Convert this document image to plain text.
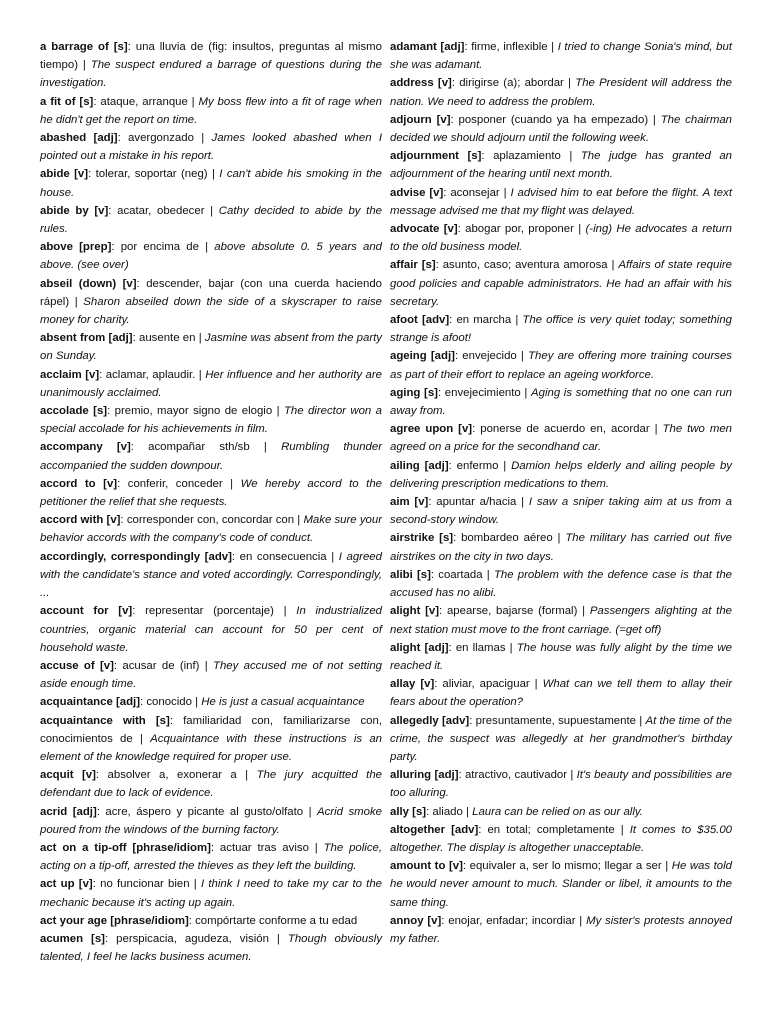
a barrage of [s]: una lluvia de (fig: insultos, preguntas al mismo tiempo) | The suspect endured a barrage of questions during the investigation.

a fit of [s]: ataque, arranque | My boss flew into a fit of rage when he didn't get the report on time.

abashed [adj]: avergonzado | James looked abashed when I pointed out a mistake in his report.

abide [v]: tolerar, soportar (neg) | I can't abide his smoking in the house.

abide by [v]: acatar, obedecer | Cathy decided to abide by the rules.

above [prep]: por encima de | above absolute 0. 5 years and above. (see over)

abseil (down) [v]: descender, bajar (con una cuerda haciendo rápel) | Sharon abseiled down the side of a skyscraper to raise money for charity.

absent from [adj]: ausente en | Jasmine was absent from the party on Sunday.

acclaim [v]: aclamar, aplaudir. | Her influence and her authority are unanimously acclaimed.

accolade [s]: premio, mayor signo de elogio | The director won a special accolade for his achievements in film.

accompany [v]: acompañar sth/sb | Rumbling thunder accompanied the sudden downpour.

accord to [v]: conferir, conceder | We hereby accord to the petitioner the relief that she requests.

accord with [v]: corresponder con, concordar con | Make sure your behavior accords with the company's code of conduct.

accordingly, correspondingly [adv]: en consecuencia | I agreed with the candidate's stance and voted accordingly. Correspondingly, ...

account for [v]: representar (porcentaje) | In industrialized countries, organic material can account for 50 per cent of household waste.

accuse of [v]: acusar de (inf) | They accused me of not setting aside enough time.

acquaintance [adj]: conocido | He is just a casual acquaintance

acquaintance with [s]: familiaridad con, familiarizarse con, conocimientos de | Acquaintance with these instructions is an element of the knowledge required for proper use.

acquit [v]: absolver a, exonerar a | The jury acquitted the defendant due to lack of evidence.

acrid [adj]: acre, áspero y picante al gusto/olfato | Acrid smoke poured from the windows of the burning factory.

act on a tip-off [phrase/idiom]: actuar tras aviso | The police, acting on a tip-off, arrested the thieves as they left the building.

act up [v]: no funcionar bien | I think I need to take my car to the mechanic because it's acting up again.

act your age [phrase/idiom]: compórtarte conforme a tu edad

acumen [s]: perspicacia, agudeza, visión | Though obviously talented, I feel he lacks business acumen.

adamant [adj]: firme, inflexible | I tried to change Sonia's mind, but she was adamant.

address [v]: dirigirse (a); abordar | The President will address the nation. We need to address the problem.

adjourn [v]: posponer (cuando ya ha empezado) | The chairman decided we should adjourn until the following week.

adjournment [s]: aplazamiento | The judge has granted an adjournment of the hearing until next month.

advise [v]: aconsejar | I advised him to eat before the flight. A text message advised me that my flight was delayed.

advocate [v]: abogar por, proponer | (-ing) He advocates a return to the old business model.

affair [s]: asunto, caso; aventura amorosa | Affairs of state require good policies and capable administrators. He had an affair with his secretary.

afoot [adv]: en marcha | The office is very quiet today; something strange is afoot!

ageing [adj]: envejecido | They are offering more training courses as part of their effort to replace an ageing workforce.

aging [s]: envejecimiento | Aging is something that no one can run away from.

agree upon [v]: ponerse de acuerdo en, acordar | The two men agreed on a price for the secondhand car.

ailing [adj]: enfermo | Damion helps elderly and ailing people by delivering prescription medications to them.

aim [v]: apuntar a/hacia | I saw a sniper taking aim at us from a second-story window.

airstrike [s]: bombardeo aéreo | The military has carried out five airstrikes on the city in two days.

alibi [s]: coartada | The problem with the defence case is that the accused has no alibi.

alight [v]: apearse, bajarse (formal) | Passengers alighting at the next station must move to the front carriage. (=get off)

alight [adj]: en llamas | The house was fully alight by the time we reached it.

allay [v]: aliviar, apaciguar | What can we tell them to allay their fears about the operation?

allegedly [adv]: presuntamente, supuestamente | At the time of the crime, the suspect was allegedly at her grandmother's birthday party.

alluring [adj]: atractivo, cautivador | It's beauty and possibilities are too alluring.

ally [s]: aliado | Laura can be relied on as our ally.

altogether [adv]: en total; completamente | It comes to $35.00 altogether. The display is altogether unacceptable.

amount to [v]: equivaler a, ser lo mismo; llegar a ser | He was told he would never amount to much. Slander or libel, it amounts to the same thing.

annoy [v]: enojar, enfadar; incordiar | My sister's protests annoyed my father.
